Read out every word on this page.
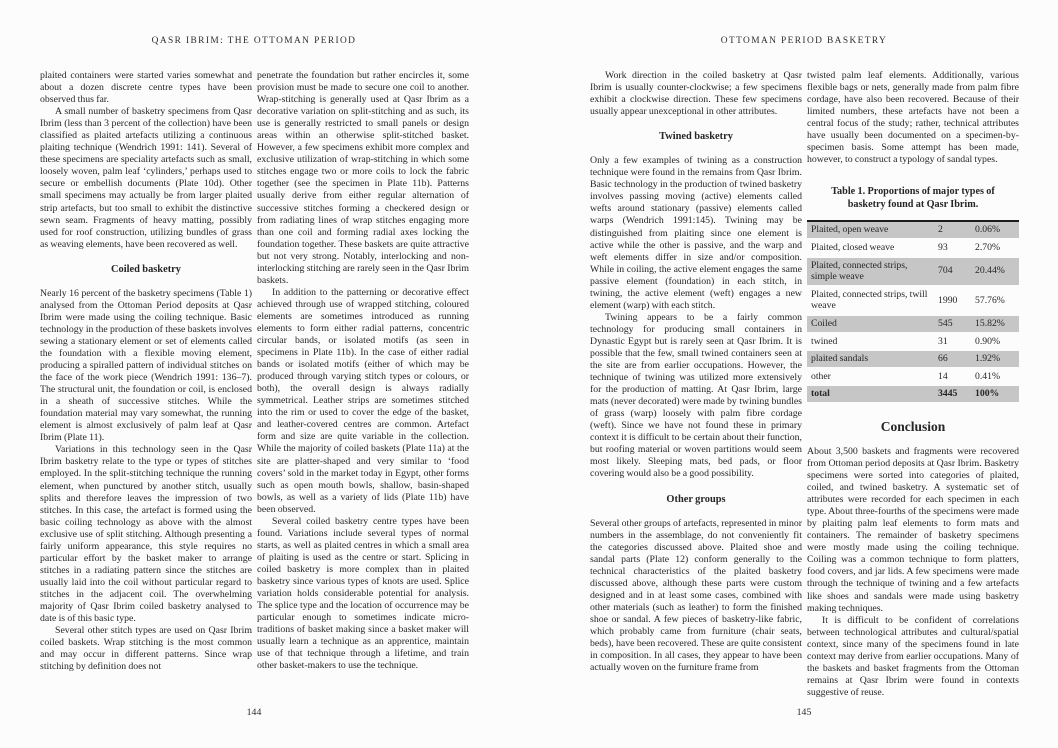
QASR IBRIM: THE OTTOMAN PERIOD	OTTOMAN PERIOD BASKETRY

plaited containers were started varies somewhat and about a dozen discrete centre types have been observed thus far.

A small number of basketry specimens from Qasr Ibrim (less than 3 percent of the collection) have been classified as plaited artefacts utilizing a continuous plaiting technique (Wendrich 1991: 141). Several of these specimens are speciality artefacts such as small, loosely woven, palm leaf ‘cylinders,’ perhaps used to secure or embellish documents (Plate 10d). Other small specimens may actually be from larger plaited strip artefacts, but too small to exhibit the distinctive sewn seam. Fragments of heavy matting, possibly used for roof construction, utilizing bundles of grass as weaving elements, have been recovered as well.

Coiled basketry

Nearly 16 percent of the basketry specimens (Table 1) analysed from the Ottoman Period deposits at Qasr Ibrim were made using the coiling technique. Basic technology in the production of these baskets involves sewing a stationary element or set of elements called the foundation with a flexible moving element, producing a spiralled pattern of individual stitches on the face of the work piece (Wendrich 1991: 136–7). The structural unit, the foundation or coil, is enclosed in a sheath of successive stitches. While the foundation material may vary somewhat, the running element is almost exclusively of palm leaf at Qasr Ibrim (Plate 11).

Variations in this technology seen in the Qasr Ibrim basketry relate to the type or types of stitches employed. In the split-stitching technique the running element, when punctured by another stitch, usually splits and therefore leaves the impression of two stitches. In this case, the artefact is formed using the basic coiling technology as above with the almost exclusive use of split stitching. Although presenting a fairly uniform appearance, this style requires no particular effort by the basket maker to arrange stitches in a radiating pattern since the stitches are usually laid into the coil without particular regard to stitches in the adjacent coil. The overwhelming majority of Qasr Ibrim coiled basketry analysed to date is of this basic type.

Several other stitch types are used on Qasr Ibrim coiled baskets. Wrap stitching is the most common and may occur in different patterns. Since wrap stitching by definition does not

penetrate the foundation but rather encircles it, some provision must be made to secure one coil to another. Wrap-stitching is generally used at Qasr Ibrim as a decorative variation on split-stitching and as such, its use is generally restricted to small panels or design areas within an otherwise split-stitched basket. However, a few specimens exhibit more complex and exclusive utilization of wrap-stitching in which some stitches engage two or more coils to lock the fabric together (see the specimen in Plate 11b). Patterns usually derive from either regular alternation of successive stitches forming a checkered design or from radiating lines of wrap stitches engaging more than one coil and forming radial axes locking the foundation together. These baskets are quite attractive but not very strong. Notably, interlocking and non-interlocking stitching are rarely seen in the Qasr Ibrim baskets.

In addition to the patterning or decorative effect achieved through use of wrapped stitching, coloured elements are sometimes introduced as running elements to form either radial patterns, concentric circular bands, or isolated motifs (as seen in specimens in Plate 11b). In the case of either radial bands or isolated motifs (either of which may be produced through varying stitch types or colours, or both), the overall design is always radially symmetrical. Leather strips are sometimes stitched into the rim or used to cover the edge of the basket, and leather-covered centres are common. Artefact form and size are quite variable in the collection. While the majority of coiled baskets (Plate 11a) at the site are platter-shaped and very similar to ‘food covers’ sold in the market today in Egypt, other forms such as open mouth bowls, shallow, basin-shaped bowls, as well as a variety of lids (Plate 11b) have been observed.

Several coiled basketry centre types have been found. Variations include several types of normal starts, as well as plaited centres in which a small area of plaiting is used as the centre or start. Splicing in coiled basketry is more complex than in plaited basketry since various types of knots are used. Splice variation holds considerable potential for analysis. The splice type and the location of occurrence may be particular enough to sometimes indicate micro-traditions of basket making since a basket maker will usually learn a technique as an apprentice, maintain use of that technique through a lifetime, and train other basket-makers to use the technique.

Work direction in the coiled basketry at Qasr Ibrim is usually counter-clockwise; a few specimens exhibit a clockwise direction. These few specimens usually appear unexceptional in other attributes.

Twined basketry

Only a few examples of twining as a construction technique were found in the remains from Qasr Ibrim. Basic technology in the production of twined basketry involves passing moving (active) elements called wefts around stationary (passive) elements called warps (Wendrich 1991:145). Twining may be distinguished from plaiting since one element is active while the other is passive, and the warp and weft elements differ in size and/or composition. While in coiling, the active element engages the same passive element (foundation) in each stitch, in twining, the active element (weft) engages a new element (warp) with each stitch.

Twining appears to be a fairly common technology for producing small containers in Dynastic Egypt but is rarely seen at Qasr Ibrim. It is possible that the few, small twined containers seen at the site are from earlier occupations. However, the technique of twining was utilized more extensively for the production of matting. At Qasr Ibrim, large mats (never decorated) were made by twining bundles of grass (warp) loosely with palm fibre cordage (weft). Since we have not found these in primary context it is difficult to be certain about their function, but roofing material or woven partitions would seem most likely. Sleeping mats, bed pads, or floor covering would also be a good possibility.

Other groups

Several other groups of artefacts, represented in minor numbers in the assemblage, do not conveniently fit the categories discussed above. Plaited shoe and sandal parts (Plate 12) conform generally to the technical characteristics of the plaited basketry discussed above, although these parts were custom designed and in at least some cases, combined with other materials (such as leather) to form the finished shoe or sandal. A few pieces of basketry-like fabric, which probably came from furniture (chair seats, beds), have been recovered. These are quite consistent in composition. In all cases, they appear to have been actually woven on the furniture frame from

twisted palm leaf elements. Additionally, various flexible bags or nets, generally made from palm fibre cordage, have also been recovered. Because of their limited numbers, these artefacts have not been a central focus of the study; rather, technical attributes have usually been documented on a specimen-by-specimen basis. Some attempt has been made, however, to construct a typology of sandal types.

Table 1. Proportions of major types of basketry found at Qasr Ibrim.

Plaited, open weave	2	0.06%
Plaited, closed weave	93	2.70%
Plaited, connected strips, simple weave	704	20.44%
Plaited, connected strips, twill weave	1990	57.76%
Coiled	545	15.82%
twined	31	0.90%
plaited sandals	66	1.92%
other	14	0.41%
total	3445	100%

Conclusion

About 3,500 baskets and fragments were recovered from Ottoman period deposits at Qasr Ibrim. Basketry specimens were sorted into categories of plaited, coiled, and twined basketry. A systematic set of attributes were recorded for each specimen in each type. About three-fourths of the specimens were made by plaiting palm leaf elements to form mats and containers. The remainder of basketry specimens were mostly made using the coiling technique. Coiling was a common technique to form platters, food covers, and jar lids. A few specimens were made through the technique of twining and a few artefacts like shoes and sandals were made using basketry making techniques.

It is difficult to be confident of correlations between technological attributes and cultural/spatial context, since many of the specimens found in late context may derive from earlier occupations. Many of the baskets and basket fragments from the Ottoman remains at Qasr Ibrim were found in contexts suggestive of reuse.

144	145
